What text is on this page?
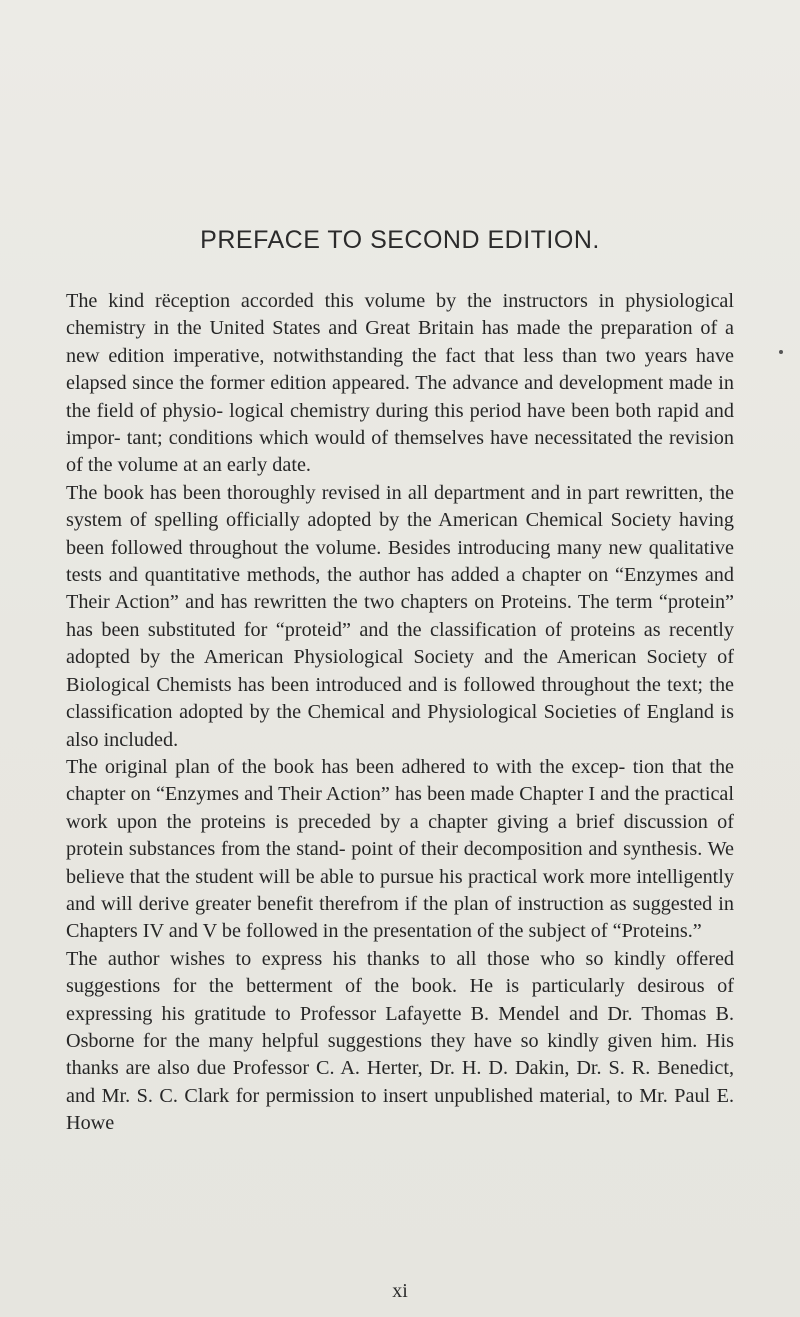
PREFACE TO SECOND EDITION.

The kind rëception accorded this volume by the instructors in physiological chemistry in the United States and Great Britain has made the preparation of a new edition imperative, notwithstanding the fact that less than two years have elapsed since the former edition appeared. The advance and development made in the field of physio- logical chemistry during this period have been both rapid and impor- tant; conditions which would of themselves have necessitated the revision of the volume at an early date.

The book has been thoroughly revised in all department and in part rewritten, the system of spelling officially adopted by the American Chemical Society having been followed throughout the volume. Besides introducing many new qualitative tests and quantitative methods, the author has added a chapter on “Enzymes and Their Action” and has rewritten the two chapters on Proteins. The term “protein” has been substituted for “proteid” and the classification of proteins as recently adopted by the American Physiological Society and the American Society of Biological Chemists has been introduced and is followed throughout the text; the classification adopted by the Chemical and Physiological Societies of England is also included.

The original plan of the book has been adhered to with the excep- tion that the chapter on “Enzymes and Their Action” has been made Chapter I and the practical work upon the proteins is preceded by a chapter giving a brief discussion of protein substances from the stand- point of their decomposition and synthesis. We believe that the student will be able to pursue his practical work more intelligently and will derive greater benefit therefrom if the plan of instruction as suggested in Chapters IV and V be followed in the presentation of the subject of “Proteins.”

The author wishes to express his thanks to all those who so kindly offered suggestions for the betterment of the book. He is particularly desirous of expressing his gratitude to Professor Lafayette B. Mendel and Dr. Thomas B. Osborne for the many helpful suggestions they have so kindly given him. His thanks are also due Professor C. A. Herter, Dr. H. D. Dakin, Dr. S. R. Benedict, and Mr. S. C. Clark for permission to insert unpublished material, to Mr. Paul E. Howe

xi
